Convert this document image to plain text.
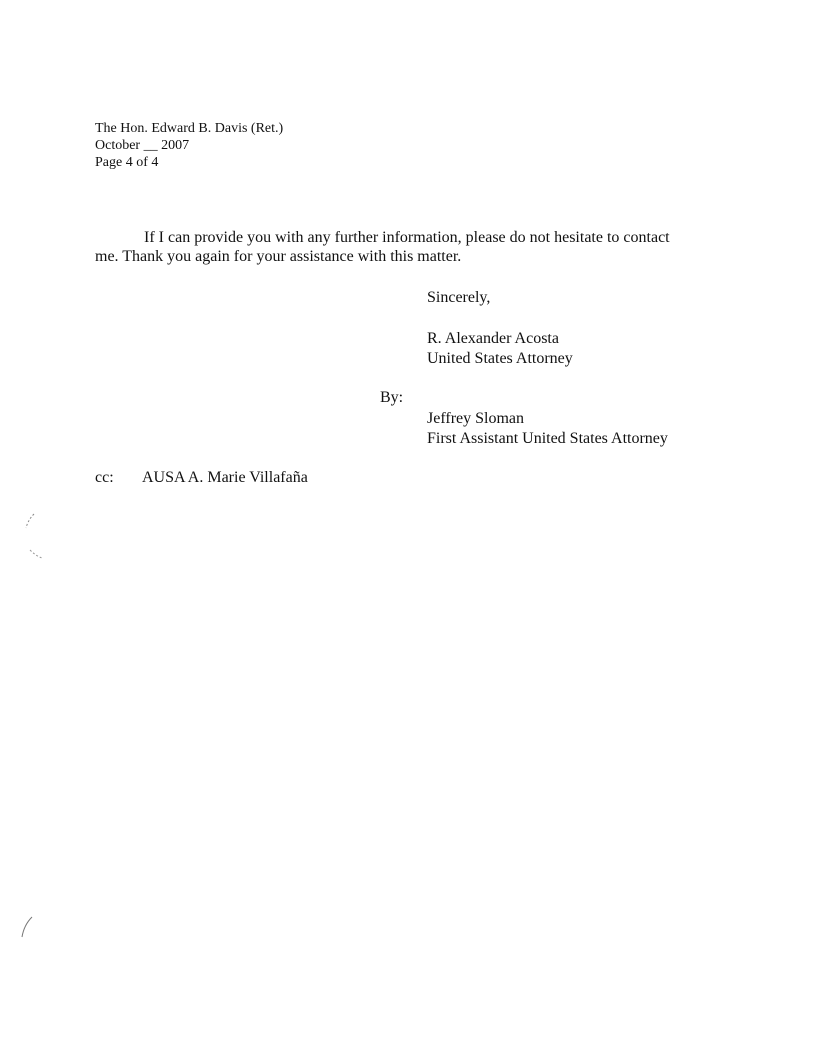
The Hon. Edward B. Davis (Ret.)
October __ 2007
Page 4 of 4
If I can provide you with any further information, please do not hesitate to contact
me. Thank you again for your assistance with this matter.
Sincerely,
R. Alexander Acosta
United States Attorney
By:
Jeffrey Sloman
First Assistant United States Attorney
cc: AUSA A. Marie Villafaña
